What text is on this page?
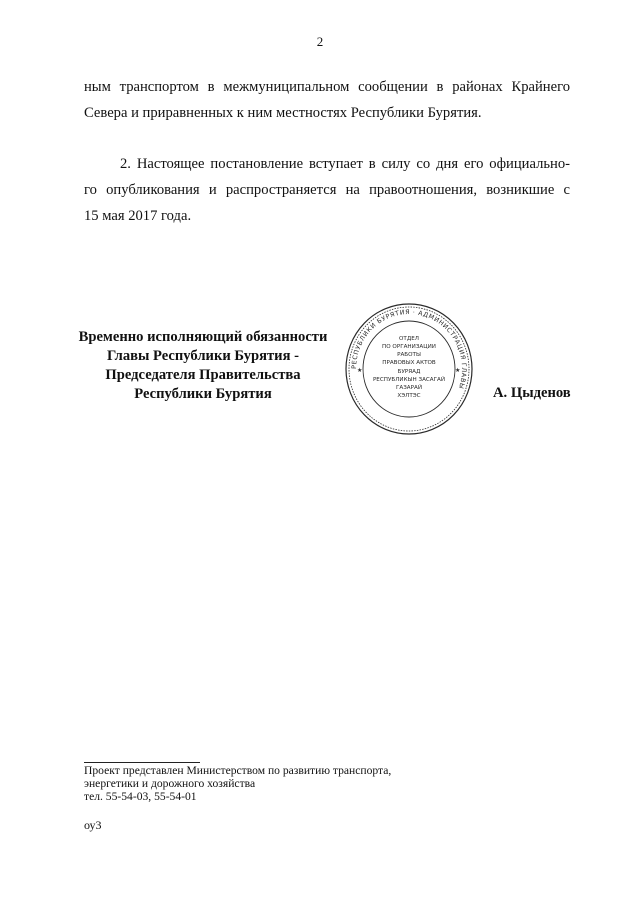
2

ным транспортом в межмуниципальном сообщении в районах Крайнего
Севера и приравненных к ним местностях Республики Бурятия.

2. Настоящее постановление вступает в силу со дня его официально-
го опубликования и распространяется на правоотношения, возникшие с
15 мая 2017 года.

Временно исполняющий обязанности
Главы Республики Бурятия -
Председателя Правительства
Республики Бурятия
РЕСПУБЛИКИ БУРЯТИЯ · АДМИНИСТРАЦИЯ ГЛАВЫ
ОТДЕЛ
ПО ОРГАНИЗАЦИИ
РАБОТЫ
ПРАВОВЫХ АКТОВ
БУРЯАД
РЕСПУБЛИКЫН ЗАСАГАЙ
ГАЗАРАЙ
ХЭЛТЭС
★	★
А. Цыденов
Проект представлен Министерством по развитию транспорта,
энергетики и дорожного хозяйства
тел. 55-54-03, 55-54-01
оу3
